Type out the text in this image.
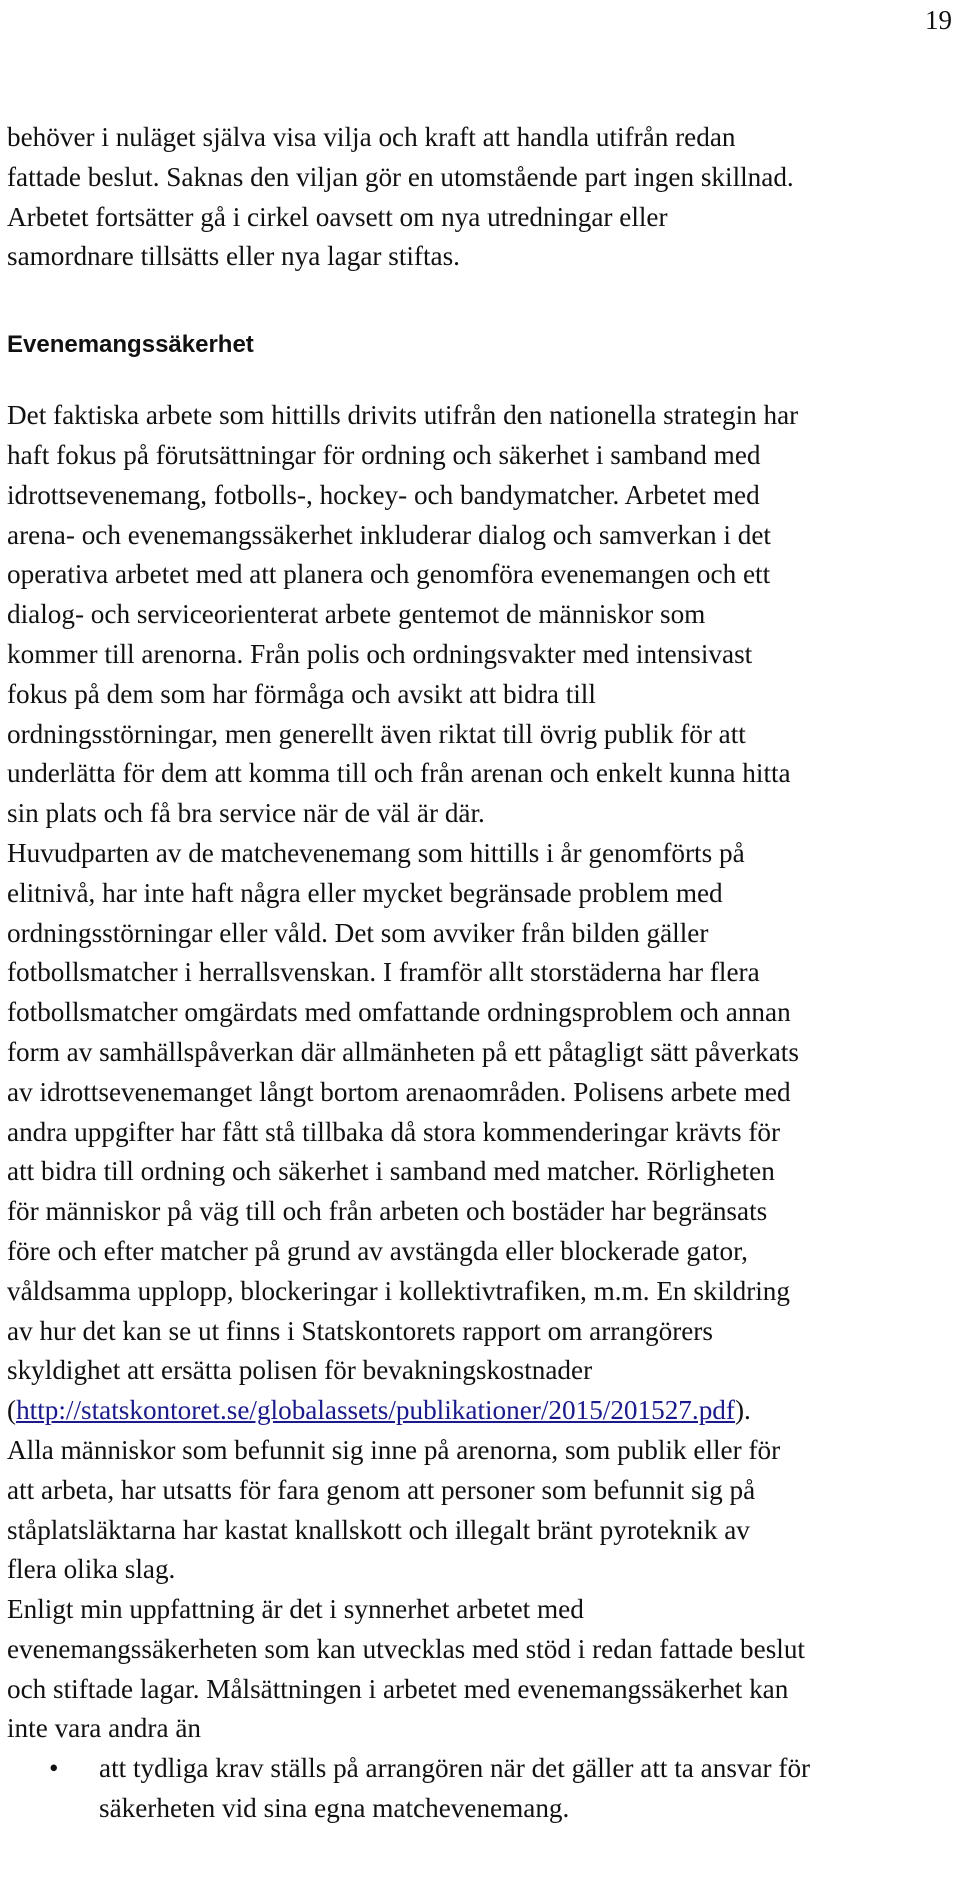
19

behöver i nuläget själva visa vilja och kraft att handla utifrån redan

fattade beslut. Saknas den viljan gör en utomstående part ingen skillnad.

Arbetet fortsätter gå i cirkel oavsett om nya utredningar eller

samordnare tillsätts eller nya lagar stiftas.

Evenemangssäkerhet

Det faktiska arbete som hittills drivits utifrån den nationella strategin har

haft fokus på förutsättningar för ordning och säkerhet i samband med

idrottsevenemang, fotbolls-, hockey- och bandymatcher. Arbetet med

arena- och evenemangssäkerhet inkluderar dialog och samverkan i det

operativa arbetet med att planera och genomföra evenemangen och ett

dialog- och serviceorienterat arbete gentemot de människor som

kommer till arenorna. Från polis och ordningsvakter med intensivast

fokus på dem som har förmåga och avsikt att bidra till

ordningsstörningar, men generellt även riktat till övrig publik för att

underlätta för dem att komma till och från arenan och enkelt kunna hitta

sin plats och få bra service när de väl är där.

Huvudparten av de matchevenemang som hittills i år genomförts på

elitnivå, har inte haft några eller mycket begränsade problem med

ordningsstörningar eller våld. Det som avviker från bilden gäller

fotbollsmatcher i herrallsvenskan. I framför allt storstäderna har flera

fotbollsmatcher omgärdats med omfattande ordningsproblem och annan

form av samhällspåverkan där allmänheten på ett påtagligt sätt påverkats

av idrottsevenemanget långt bortom arenaområden. Polisens arbete med

andra uppgifter har fått stå tillbaka då stora kommenderingar krävts för

att bidra till ordning och säkerhet i samband med matcher. Rörligheten

för människor på väg till och från arbeten och bostäder har begränsats

före och efter matcher på grund av avstängda eller blockerade gator,

våldsamma upplopp, blockeringar i kollektivtrafiken, m.m. En skildring

av hur det kan se ut finns i Statskontorets rapport om arrangörers

skyldighet att ersätta polisen för bevakningskostnader

(http://statskontoret.se/globalassets/publikationer/2015/201527.pdf).

Alla människor som befunnit sig inne på arenorna, som publik eller för

att arbeta, har utsatts för fara genom att personer som befunnit sig på

ståplatsläktarna har kastat knallskott och illegalt bränt pyroteknik av

flera olika slag.

Enligt min uppfattning är det i synnerhet arbetet med

evenemangssäkerheten som kan utvecklas med stöd i redan fattade beslut

och stiftade lagar. Målsättningen i arbetet med evenemangssäkerhet kan

inte vara andra än

• att tydliga krav ställs på arrangören när det gäller att ta ansvar för
säkerheten vid sina egna matchevenemang.
